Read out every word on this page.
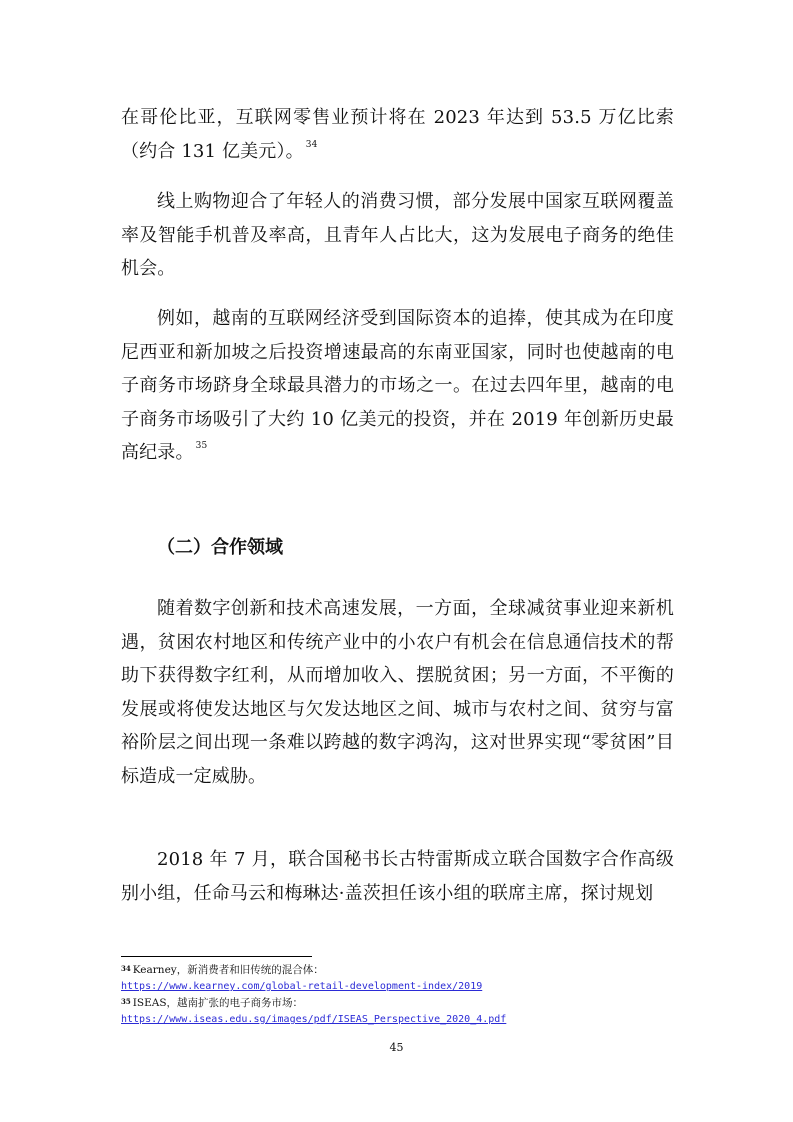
在哥伦比亚，互联网零售业预计将在 2023 年达到 53.5 万亿比索（约合 131 亿美元）。 $^{34}$

线上购物迎合了年轻人的消费习惯，部分发展中国家互联网覆盖率及智能手机普及率高，且青年人占比大，这为发展电子商务的绝佳机会。

例如，越南的互联网经济受到国际资本的追捧，使其成为在印度尼西亚和新加坡之后投资增速最高的东南亚国家，同时也使越南的电子商务市场跻身全球最具潜力的市场之一。在过去四年里，越南的电子商务市场吸引了大约 10 亿美元的投资，并在 2019 年创新历史最高纪录。 $^{35}$

（二）合作领域

随着数字创新和技术高速发展，一方面，全球减贫事业迎来新机遇，贫困农村地区和传统产业中的小农户有机会在信息通信技术的帮助下获得数字红利，从而增加收入、摆脱贫困；另一方面，不平衡的发展或将使发达地区与欠发达地区之间、城市与农村之间、贫穷与富裕阶层之间出现一条难以跨越的数字鸿沟，这对世界实现“零贫困”目标造成一定威胁。

2018 年 7 月，联合国秘书长古特雷斯成立联合国数字合作高级别小组，任命马云和梅琳达·盖茨担任该小组的联席主席，探讨规划

$^{34}$ Kearney，新消费者和旧传统的混合体：
https://www.kearney.com/global-retail-development-index/2019
$^{35}$ ISEAS，越南扩张的电子商务市场：
https://www.iseas.edu.sg/images/pdf/ISEAS_Perspective_2020_4.pdf
45
